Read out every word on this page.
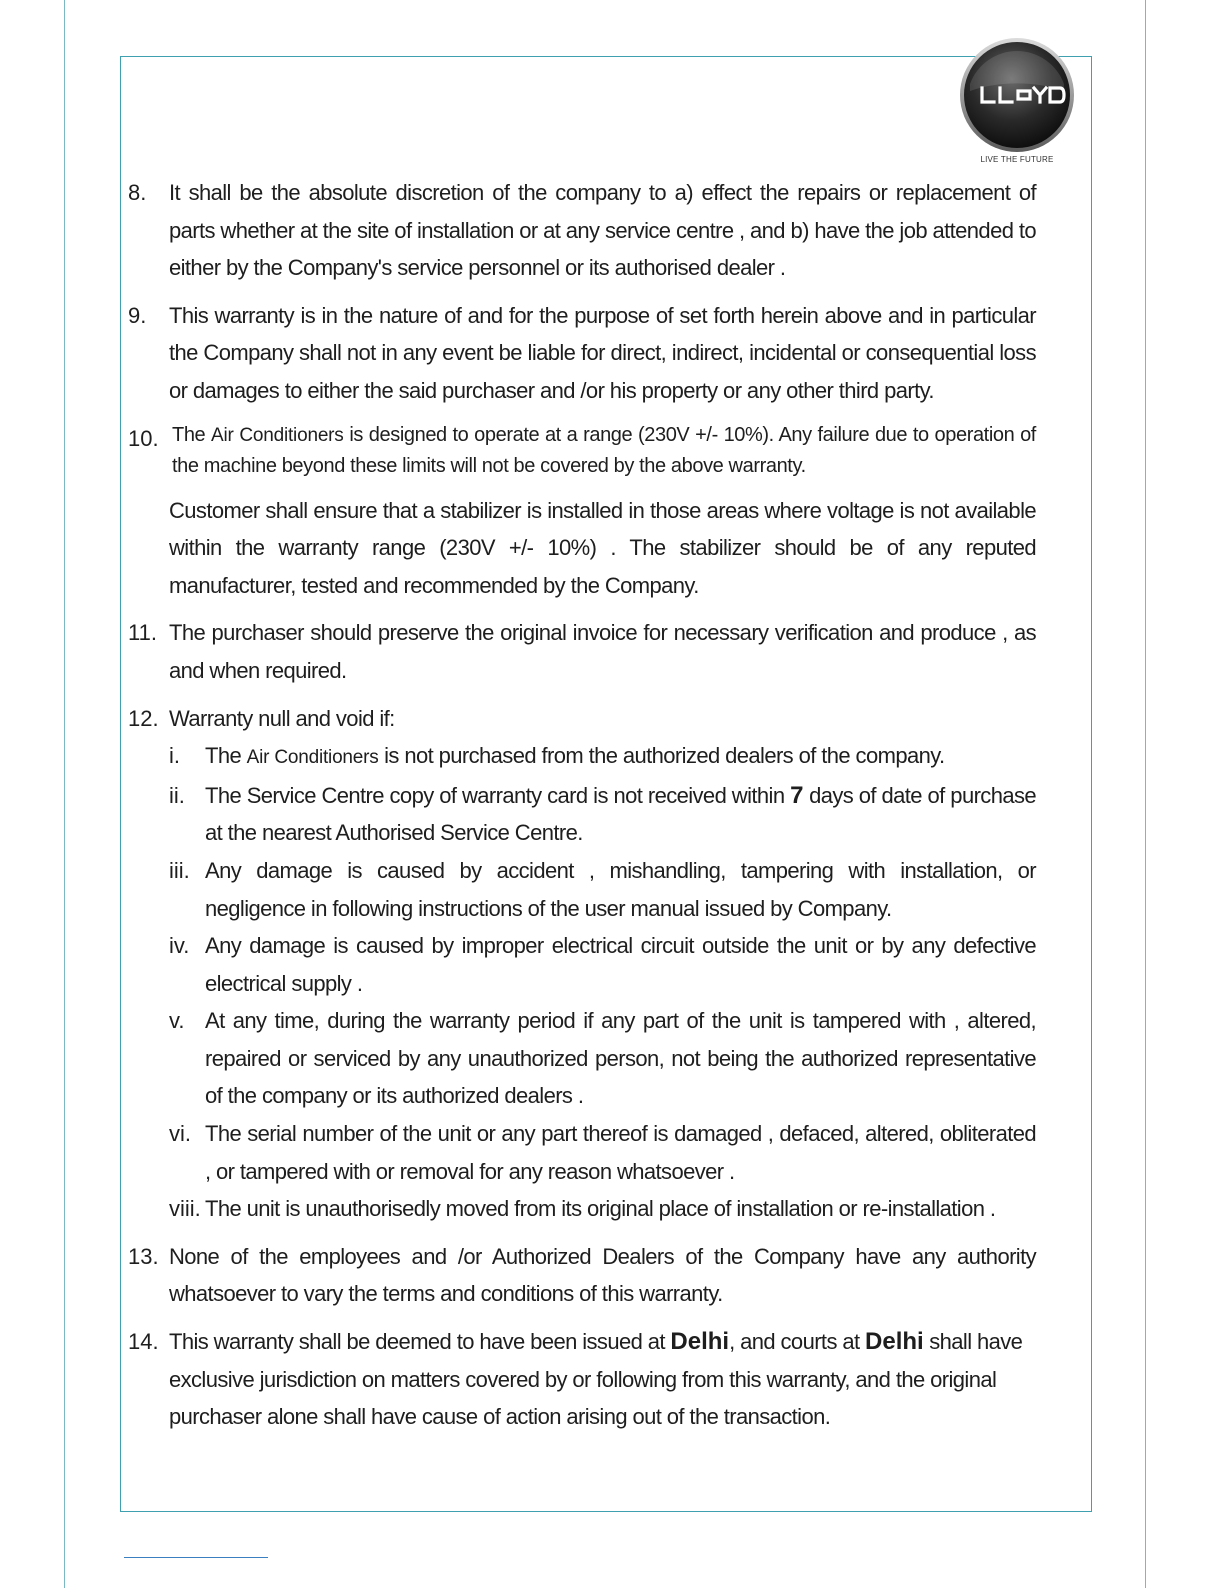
LIVE THE FUTURE
8. It shall be the absolute discretion of the company to a) effect the repairs or replacement of parts whether at the site of installation or at any service centre , and b) have the job attended to either by the Company's service personnel or its authorised dealer .

9. This warranty is in the nature of and for the purpose of set forth herein above and in particular the Company shall not in any event be liable for direct, indirect, incidental or consequential loss or damages to either the said purchaser and /or his property or any other third party.

10. The Air Conditioners is designed to operate at a range (230V +/- 10%). Any failure due to operation of the machine beyond these limits will not be covered by the above warranty.

Customer shall ensure that a stabilizer is installed in those areas where voltage is not available within the warranty range (230V +/- 10%) . The stabilizer should be of any reputed manufacturer, tested and recommended by the Company.

11. The purchaser should preserve the original invoice for necessary verification and produce , as and when required.

12. Warranty null and void if:

i. The Air Conditioners is not purchased from the authorized dealers of the company.

ii. The Service Centre copy of warranty card is not received within 7 days of date of purchase at the nearest Authorised Service Centre.

iii. Any damage is caused by accident , mishandling, tampering with installation, or negligence in following instructions of the user manual issued by Company.

iv. Any damage is caused by improper electrical circuit outside the unit or by any defective electrical supply .

v. At any time, during the warranty period if any part of the unit is tampered with , altered, repaired or serviced by any unauthorized person, not being the authorized representative of the company or its authorized dealers .

vi. The serial number of the unit or any part thereof is damaged , defaced, altered, obliterated , or tampered with or removal for any reason whatsoever .

viii. The unit is unauthorisedly moved from its original place of installation or re-installation .

13. None of the employees and /or Authorized Dealers of the Company have any authority whatsoever to vary the terms and conditions of this warranty.

14. This warranty shall be deemed to have been issued at Delhi, and courts at Delhi shall have exclusive jurisdiction on matters covered by or following from this warranty, and the original purchaser alone shall have cause of action arising out of the transaction.
